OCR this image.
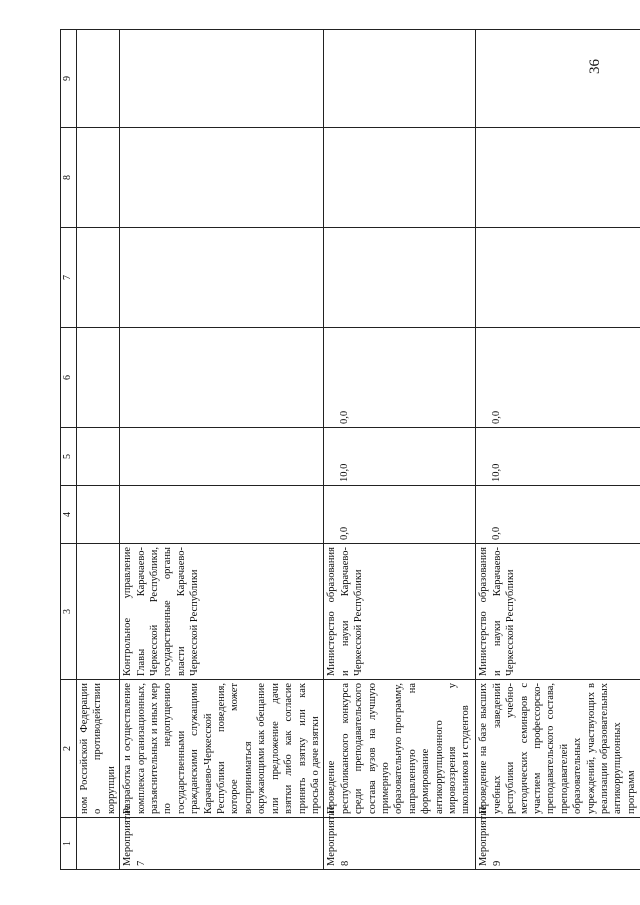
36
1	2	3	4	5	6	7	8	9
	ном Российской Федерации о противодействии коррупции							
Мероприятие 7	Разработка и осуществление комплекса организационных, разъяснительных и иных мер по недопущению государственными гражданскими служащими Карачаево-Черкесской Республики поведения, которое может восприниматься окружающими как обещание или предложение дачи взятки либо как согласие принять взятку или как просьба о даче взятки	Контрольное управление Главы Карачаево-Черкесской Республики, государственные органы власти Карачаево-Черкесской Республики						
Мероприятие 8	Проведение республиканского конкурса среди преподавательского состава вузов на лучшую примерную образовательную программу, направленную на формирование антикоррупционного мировоззрения у школьников и студентов	Министерство образования и науки Карачаево-Черкесской Республики	0,0	10,0	0,0			
Мероприятие 9	Проведение на базе высших учебных заведений республики учебно-методических семинаров с участием профессорско-преподавательского состава, преподавателей образовательных учреждений, участвующих в реализации образовательных антикоррупционных программ	Министерство образования и науки Карачаево-Черкесской Республики	0,0	10,0	0,0			
